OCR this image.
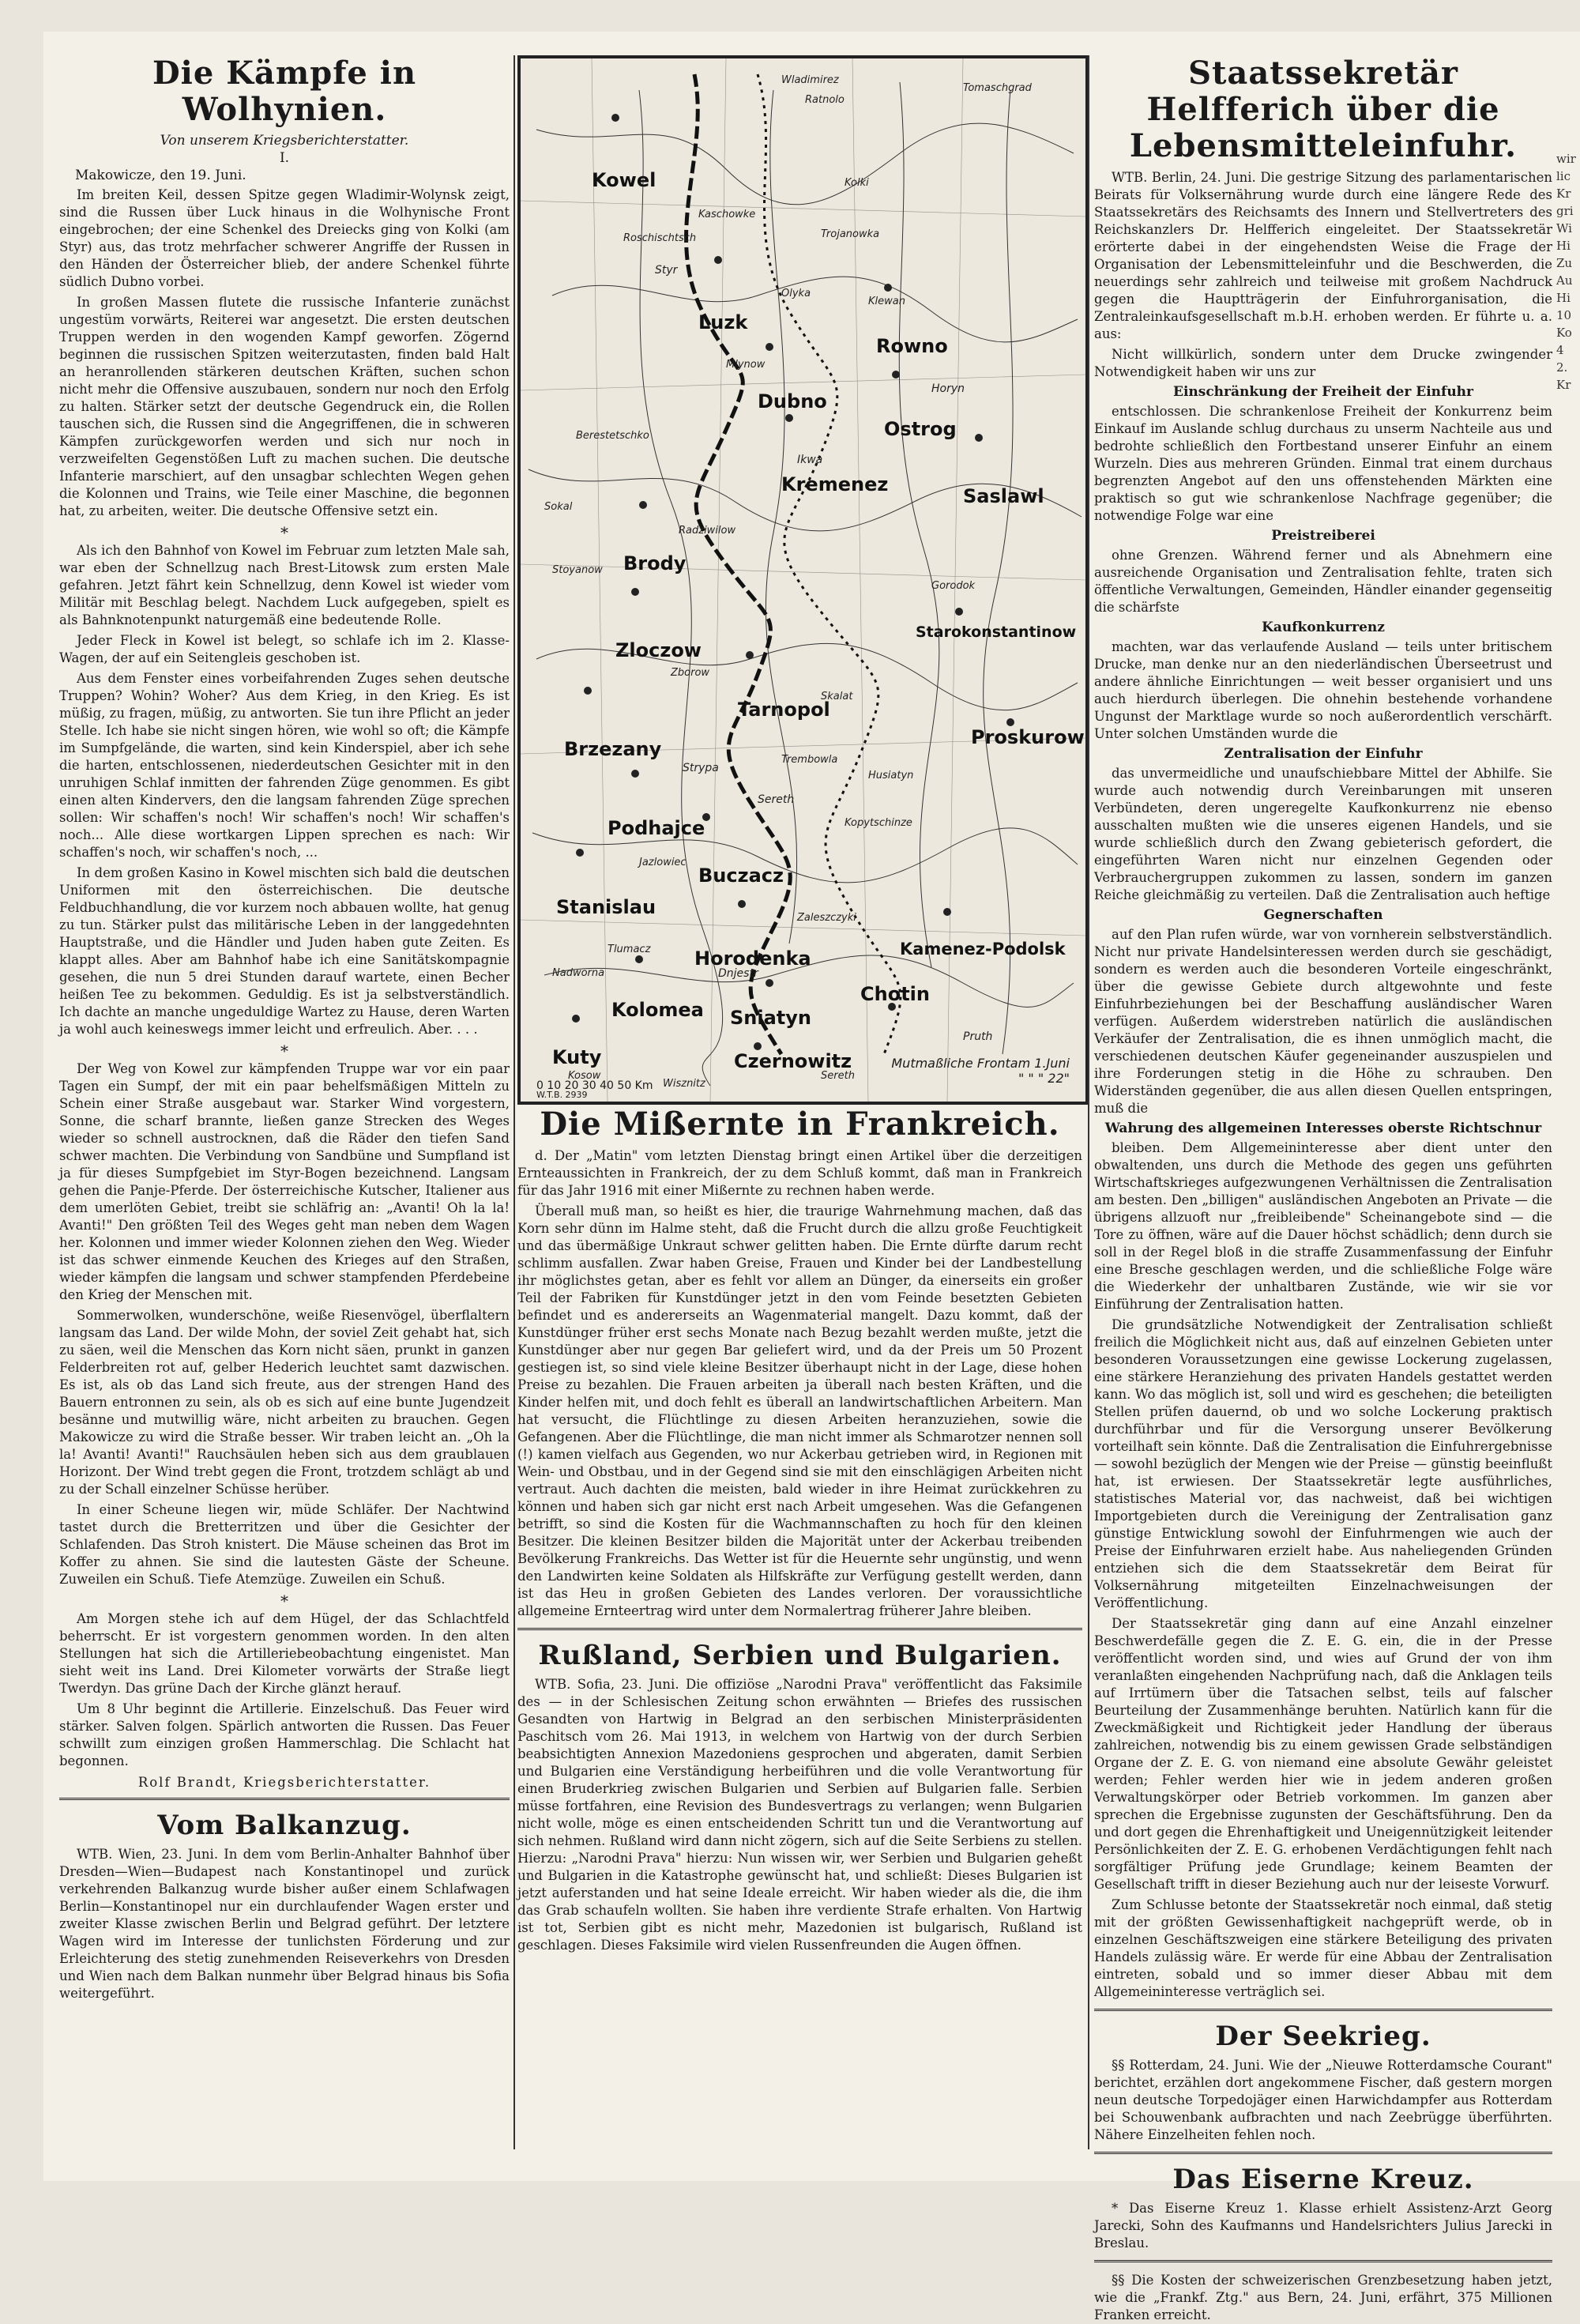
Die Kämpfe in Wolhynien.
Von unserem Kriegsberichterstatter.
I.
Makowicze, den 19. Juni.

Im breiten Keil, dessen Spitze gegen Wladimir-Wolynsk zeigt, sind die Russen über Luck hinaus in die Wolhynische Front eingebrochen; der eine Schenkel des Dreiecks ging von Kolki (am Styr) aus, das trotz mehrfacher schwerer Angriffe der Russen in den Händen der Österreicher blieb, der andere Schenkel führte südlich Dubno vorbei.

In großen Massen flutete die russische Infanterie zunächst ungestüm vorwärts, Reiterei war angesetzt. Die ersten deutschen Truppen werden in den wogenden Kampf geworfen. Zögernd beginnen die russischen Spitzen weiterzutasten, finden bald Halt an heranrollenden stärkeren deutschen Kräften, suchen schon nicht mehr die Offensive auszubauen, sondern nur noch den Erfolg zu halten. Stärker setzt der deutsche Gegendruck ein, die Rollen tauschen sich, die Russen sind die Angegriffenen, die in schweren Kämpfen zurückgeworfen werden und sich nur noch in verzweifelten Gegenstößen Luft zu machen suchen. Die deutsche Infanterie marschiert, auf den unsagbar schlechten Wegen gehen die Kolonnen und Trains, wie Teile einer Maschine, die begonnen hat, zu arbeiten, weiter. Die deutsche Offensive setzt ein.

*

Als ich den Bahnhof von Kowel im Februar zum letzten Male sah, war eben der Schnellzug nach Brest-Litowsk zum ersten Male gefahren. Jetzt fährt kein Schnellzug, denn Kowel ist wieder vom Militär mit Beschlag belegt. Nachdem Luck aufgegeben, spielt es als Bahnknotenpunkt naturgemäß eine bedeutende Rolle.

Jeder Fleck in Kowel ist belegt, so schlafe ich im 2. Klasse-Wagen, der auf ein Seitengleis geschoben ist.

Aus dem Fenster eines vorbeifahrenden Zuges sehen deutsche Truppen? Wohin? Woher? Aus dem Krieg, in den Krieg. Es ist müßig, zu fragen, müßig, zu antworten. Sie tun ihre Pflicht an jeder Stelle. Ich habe sie nicht singen hören, wie wohl so oft; die Kämpfe im Sumpfgelände, die warten, sind kein Kinderspiel, aber ich sehe die harten, entschlossenen, niederdeutschen Gesichter mit in den unruhigen Schlaf inmitten der fahrenden Züge genommen. Es gibt einen alten Kindervers, den die langsam fahrenden Züge sprechen sollen: Wir schaffen's noch! Wir schaffen's noch! Wir schaffen's noch... Alle diese wortkargen Lippen sprechen es nach: Wir schaffen's noch, wir schaffen's noch, ...

In dem großen Kasino in Kowel mischten sich bald die deutschen Uniformen mit den österreichischen. Die deutsche Feldbuchhandlung, die vor kurzem noch abbauen wollte, hat genug zu tun. Stärker pulst das militärische Leben in der langgedehnten Hauptstraße, und die Händler und Juden haben gute Zeiten. Es klappt alles. Aber am Bahnhof habe ich eine Sanitätskompagnie gesehen, die nun 5 drei Stunden darauf wartete, einen Becher heißen Tee zu bekommen. Geduldig. Es ist ja selbstverständlich. Ich dachte an manche ungeduldige Wartez zu Hause, deren Warten ja wohl auch keineswegs immer leicht und erfreulich. Aber. . . .

*

Der Weg von Kowel zur kämpfenden Truppe war vor ein paar Tagen ein Sumpf, der mit ein paar behelfsmäßigen Mitteln zu Schein einer Straße ausgebaut war. Starker Wind vorgestern, Sonne, die scharf brannte, ließen ganze Strecken des Weges wieder so schnell austrocknen, daß die Räder den tiefen Sand schwer machten. Die Verbindung von Sandbüne und Sumpfland ist ja für dieses Sumpfgebiet im Styr-Bogen bezeichnend. Langsam gehen die Panje-Pferde. Der österreichische Kutscher, Italiener aus dem umerlöten Gebiet, treibt sie schläfrig an: „Avanti! Oh la la! Avanti!" Den größten Teil des Weges geht man neben dem Wagen her. Kolonnen und immer wieder Kolonnen ziehen den Weg. Wieder ist das schwer einmende Keuchen des Krieges auf den Straßen, wieder kämpfen die langsam und schwer stampfenden Pferdebeine den Krieg der Menschen mit.

Sommerwolken, wunderschöne, weiße Riesenvögel, überflaltern langsam das Land. Der wilde Mohn, der soviel Zeit gehabt hat, sich zu säen, weil die Menschen das Korn nicht säen, prunkt in ganzen Felderbreiten rot auf, gelber Hederich leuchtet samt dazwischen. Es ist, als ob das Land sich freute, aus der strengen Hand des Bauern entronnen zu sein, als ob es sich auf eine bunte Jugendzeit besänne und mutwillig wäre, nicht arbeiten zu brauchen. Gegen Makowicze zu wird die Straße besser. Wir traben leicht an. „Oh la la! Avanti! Avanti!" Rauchsäulen heben sich aus dem graublauen Horizont. Der Wind trebt gegen die Front, trotzdem schlägt ab und zu der Schall einzelner Schüsse herüber.

In einer Scheune liegen wir, müde Schläfer. Der Nachtwind tastet durch die Bretterritzen und über die Gesichter der Schlafenden. Das Stroh knistert. Die Mäuse scheinen das Brot im Koffer zu ahnen. Sie sind die lautesten Gäste der Scheune. Zuweilen ein Schuß. Tiefe Atemzüge. Zuweilen ein Schuß.

*

Am Morgen stehe ich auf dem Hügel, der das Schlachtfeld beherrscht. Er ist vorgestern genommen worden. In den alten Stellungen hat sich die Artilleriebeobachtung eingenistet. Man sieht weit ins Land. Drei Kilometer vorwärts der Straße liegt Twerdyn. Das grüne Dach der Kirche glänzt herauf.

Um 8 Uhr beginnt die Artillerie. Einzelschuß. Das Feuer wird stärker. Salven folgen. Spärlich antworten die Russen. Das Feuer schwillt zum einzigen großen Hammerschlag. Die Schlacht hat begonnen.

Rolf Brandt, Kriegsberichterstatter.
Vom Balkanzug.

WTB. Wien, 23. Juni. In dem vom Berlin-Anhalter Bahnhof über Dresden—Wien—Budapest nach Konstantinopel und zurück verkehrenden Balkanzug wurde bisher außer einem Schlafwagen Berlin—Konstantinopel nur ein durchlaufender Wagen erster und zweiter Klasse zwischen Berlin und Belgrad geführt. Der letztere Wagen wird im Interesse der tunlichsten Förderung und zur Erleichterung des stetig zunehmenden Reiseverkehrs von Dresden und Wien nach dem Balkan nunmehr über Belgrad hinaus bis Sofia weitergeführt.

Kowel
Luzk
Rowno
Dubno
Ostrog
Kremenez
Saslawl
Brody
Zloczow
Starokonstantinow
Tarnopol
Brzezany
Proskurow
Podhajce
Buczacz
Stanislau
Horodenka	Kamenez-Podolsk
Kolomea Sniatyn
Chotin
Kuty	Czernowitz
Wladimirez
Ratnolo
Tomaschgrad
Kolki
Kaschowke
Roschischtsch	Trojanowka
Olyka
Klewan
Mlynow
Radziwilow
Berestetschko
Sokal
Stoyanow
Zborow
Trembowla
Skalat
Husiatyn
Tlumacz
Zaleszczyki
Kosow
Wisznitz
Sereth
Gorodok
Kopytschinze
Jazlowiec
Nadworna
Styr
Ikwa
Horyn
Sereth
Strypa
Dnjestr
Pruth
0 10 20 30 40 50 Km
Mutmaßliche Frontam 1.Juni
" " " 22"
W.T.B. 2939
Die Mißernte in Frankreich.

d. Der „Matin" vom letzten Dienstag bringt einen Artikel über die derzeitigen Ernteaussichten in Frankreich, der zu dem Schluß kommt, daß man in Frankreich für das Jahr 1916 mit einer Mißernte zu rechnen haben werde.

Überall muß man, so heißt es hier, die traurige Wahrnehmung machen, daß das Korn sehr dünn im Halme steht, daß die Frucht durch die allzu große Feuchtigkeit und das übermäßige Unkraut schwer gelitten haben. Die Ernte dürfte darum recht schlimm ausfallen. Zwar haben Greise, Frauen und Kinder bei der Landbestellung ihr möglichstes getan, aber es fehlt vor allem an Dünger, da einerseits ein großer Teil der Fabriken für Kunstdünger jetzt in den vom Feinde besetzten Gebieten befindet und es andererseits an Wagenmaterial mangelt. Dazu kommt, daß der Kunstdünger früher erst sechs Monate nach Bezug bezahlt werden mußte, jetzt die Kunstdünger aber nur gegen Bar geliefert wird, und da der Preis um 50 Prozent gestiegen ist, so sind viele kleine Besitzer überhaupt nicht in der Lage, diese hohen Preise zu bezahlen. Die Frauen arbeiten ja überall nach besten Kräften, und die Kinder helfen mit, und doch fehlt es überall an landwirtschaftlichen Arbeitern. Man hat versucht, die Flüchtlinge zu diesen Arbeiten heranzuziehen, sowie die Gefangenen. Aber die Flüchtlinge, die man nicht immer als Schmarotzer nennen soll (!) kamen vielfach aus Gegenden, wo nur Ackerbau getrieben wird, in Regionen mit Wein- und Obstbau, und in der Gegend sind sie mit den einschlägigen Arbeiten nicht vertraut. Auch dachten die meisten, bald wieder in ihre Heimat zurückkehren zu können und haben sich gar nicht erst nach Arbeit umgesehen. Was die Gefangenen betrifft, so sind die Kosten für die Wachmannschaften zu hoch für den kleinen Besitzer. Die kleinen Besitzer bilden die Majorität unter der Ackerbau treibenden Bevölkerung Frankreichs. Das Wetter ist für die Heuernte sehr ungünstig, und wenn den Landwirten keine Soldaten als Hilfskräfte zur Verfügung gestellt werden, dann ist das Heu in großen Gebieten des Landes verloren. Der voraussichtliche allgemeine Ernteertrag wird unter dem Normalertrag früherer Jahre bleiben.

Rußland, Serbien und Bulgarien.

WTB. Sofia, 23. Juni. Die offiziöse „Narodni Prava" veröffentlicht das Faksimile des — in der Schlesischen Zeitung schon erwähnten — Briefes des russischen Gesandten von Hartwig in Belgrad an den serbischen Ministerpräsidenten Paschitsch vom 26. Mai 1913, in welchem von Hartwig von der durch Serbien beabsichtigten Annexion Mazedoniens gesprochen und abgeraten, damit Serbien und Bulgarien eine Verständigung herbeiführen und die volle Verantwortung für einen Bruderkrieg zwischen Bulgarien und Serbien auf Bulgarien falle. Serbien müsse fortfahren, eine Revision des Bundesvertrags zu verlangen; wenn Bulgarien nicht wolle, möge es einen entscheidenden Schritt tun und die Verantwortung auf sich nehmen. Rußland wird dann nicht zögern, sich auf die Seite Serbiens zu stellen. Hierzu: „Narodni Prava" hierzu: Nun wissen wir, wer Serbien und Bulgarien geheßt und Bulgarien in die Katastrophe gewünscht hat, und schließt: Dieses Bulgarien ist jetzt auferstanden und hat seine Ideale erreicht. Wir haben wieder als die, die ihm das Grab schaufeln wollten. Sie haben ihre verdiente Strafe erhalten. Von Hartwig ist tot, Serbien gibt es nicht mehr, Mazedonien ist bulgarisch, Rußland ist geschlagen. Dieses Faksimile wird vielen Russenfreunden die Augen öffnen.

Staatssekretär Helfferich über die Lebensmitteleinfuhr.

WTB. Berlin, 24. Juni. Die gestrige Sitzung des parlamentarischen Beirats für Volksernährung wurde durch eine längere Rede des Staatssekretärs des Reichsamts des Innern und Stellvertreters des Reichskanzlers Dr. Helfferich eingeleitet. Der Staatssekretär erörterte dabei in der eingehendsten Weise die Frage der Organisation der Lebensmitteleinfuhr und die Beschwerden, die neuerdings sehr zahlreich und teilweise mit großem Nachdruck gegen die Hauptträgerin der Einfuhrorganisation, die Zentraleinkaufsgesellschaft m.b.H. erhoben werden. Er führte u. a. aus:

Nicht willkürlich, sondern unter dem Drucke zwingender Notwendigkeit haben wir uns zur

Einschränkung der Freiheit der Einfuhr

entschlossen. Die schrankenlose Freiheit der Konkurrenz beim Einkauf im Auslande schlug durchaus zu unserm Nachteile aus und bedrohte schließlich den Fortbestand unserer Einfuhr an einem Wurzeln. Dies aus mehreren Gründen. Einmal trat einem durchaus begrenzten Angebot auf den uns offenstehenden Märkten eine praktisch so gut wie schrankenlose Nachfrage gegenüber; die notwendige Folge war eine

Preistreiberei

ohne Grenzen. Während ferner und als Abnehmern eine ausreichende Organisation und Zentralisation fehlte, traten sich öffentliche Verwaltungen, Gemeinden, Händler einander gegenseitig die schärfste

Kaufkonkurrenz

machten, war das verlaufende Ausland — teils unter britischem Drucke, man denke nur an den niederländischen Überseetrust und andere ähnliche Einrichtungen — weit besser organisiert und uns auch hierdurch überlegen. Die ohnehin bestehende vorhandene Ungunst der Marktlage wurde so noch außerordentlich verschärft. Unter solchen Umständen wurde die

Zentralisation der Einfuhr

das unvermeidliche und unaufschiebbare Mittel der Abhilfe. Sie wurde auch notwendig durch Vereinbarungen mit unseren Verbündeten, deren ungeregelte Kaufkonkurrenz nie ebenso ausschalten mußten wie die unseres eigenen Handels, und sie wurde schließlich durch den Zwang gebieterisch gefordert, die eingeführten Waren nicht nur einzelnen Gegenden oder Verbrauchergruppen zukommen zu lassen, sondern im ganzen Reiche gleichmäßig zu verteilen. Daß die Zentralisation auch heftige

Gegnerschaften

auf den Plan rufen würde, war von vornherein selbstverständlich. Nicht nur private Handelsinteressen werden durch sie geschädigt, sondern es werden auch die besonderen Vorteile eingeschränkt, über die gewisse Gebiete durch altgewohnte und feste Einfuhrbeziehungen bei der Beschaffung ausländischer Waren verfügen. Außerdem widerstreben natürlich die ausländischen Verkäufer der Zentralisation, die es ihnen unmöglich macht, die verschiedenen deutschen Käufer gegeneinander auszuspielen und ihre Forderungen stetig in die Höhe zu schrauben. Den Widerständen gegenüber, die aus allen diesen Quellen entspringen, muß die

Wahrung des allgemeinen Interesses oberste Richtschnur

bleiben. Dem Allgemeininteresse aber dient unter den obwaltenden, uns durch die Methode des gegen uns geführten Wirtschaftskrieges aufgezwungenen Verhältnissen die Zentralisation am besten. Den „billigen" ausländischen Angeboten an Private — die übrigens allzuoft nur „freibleibende" Scheinangebote sind — die Tore zu öffnen, wäre auf die Dauer höchst schädlich; denn durch sie soll in der Regel bloß in die straffe Zusammenfassung der Einfuhr eine Bresche geschlagen werden, und die schließliche Folge wäre die Wiederkehr der unhaltbaren Zustände, wie wir sie vor Einführung der Zentralisation hatten.

Die grundsätzliche Notwendigkeit der Zentralisation schließt freilich die Möglichkeit nicht aus, daß auf einzelnen Gebieten unter besonderen Voraussetzungen eine gewisse Lockerung zugelassen, eine stärkere Heranziehung des privaten Handels gestattet werden kann. Wo das möglich ist, soll und wird es geschehen; die beteiligten Stellen prüfen dauernd, ob und wo solche Lockerung praktisch durchführbar und für die Versorgung unserer Bevölkerung vorteilhaft sein könnte. Daß die Zentralisation die Einfuhrergebnisse — sowohl bezüglich der Mengen wie der Preise — günstig beeinflußt hat, ist erwiesen. Der Staatssekretär legte ausführliches, statistisches Material vor, das nachweist, daß bei wichtigen Importgebieten durch die Vereinigung der Zentralisation ganz günstige Entwicklung sowohl der Einfuhrmengen wie auch der Preise der Einfuhrwaren erzielt habe. Aus naheliegenden Gründen entziehen sich die dem Staatssekretär dem Beirat für Volksernährung mitgeteilten Einzelnachweisungen der Veröffentlichung.

Der Staatssekretär ging dann auf eine Anzahl einzelner Beschwerdefälle gegen die Z. E. G. ein, die in der Presse veröffentlicht worden sind, und wies auf Grund der von ihm veranlaßten eingehenden Nachprüfung nach, daß die Anklagen teils auf Irrtümern über die Tatsachen selbst, teils auf falscher Beurteilung der Zusammenhänge beruhten. Natürlich kann für die Zweckmäßigkeit und Richtigkeit jeder Handlung der überaus zahlreichen, notwendig bis zu einem gewissen Grade selbständigen Organe der Z. E. G. von niemand eine absolute Gewähr geleistet werden; Fehler werden hier wie in jedem anderen großen Verwaltungskörper oder Betrieb vorkommen. Im ganzen aber sprechen die Ergebnisse zugunsten der Geschäftsführung. Den da und dort gegen die Ehrenhaftigkeit und Uneigennützigkeit leitender Persönlichkeiten der Z. E. G. erhobenen Verdächtigungen fehlt nach sorgfältiger Prüfung jede Grundlage; keinem Beamten der Gesellschaft trifft in dieser Beziehung auch nur der leiseste Vorwurf.

Zum Schlusse betonte der Staatssekretär noch einmal, daß stetig mit der größten Gewissenhaftigkeit nachgeprüft werde, ob in einzelnen Geschäftszweigen eine stärkere Beteiligung des privaten Handels zulässig wäre. Er werde für eine Abbau der Zentralisation eintreten, sobald und so immer dieser Abbau mit dem Allgemeininteresse verträglich sei.

Der Seekrieg.

§§ Rotterdam, 24. Juni. Wie der „Nieuwe Rotterdamsche Courant" berichtet, erzählen dort angekommene Fischer, daß gestern morgen neun deutsche Torpedojäger einen Harwichdampfer aus Rotterdam bei Schouwenbank aufbrachten und nach Zeebrügge überführten. Nähere Einzelheiten fehlen noch.

Das Eiserne Kreuz.

* Das Eiserne Kreuz 1. Klasse erhielt Assistenz-Arzt Georg Jarecki, Sohn des Kaufmanns und Handelsrichters Julius Jarecki in Breslau.

§§ Die Kosten der schweizerischen Grenzbesetzung haben jetzt, wie die „Frankf. Ztg." aus Bern, 24. Juni, erfährt, 375 Millionen Franken erreicht.

wir
lic
Kr
gri
Wi
Hi
Zu
Au
Hi
10
Ko
4
2.
Kr
